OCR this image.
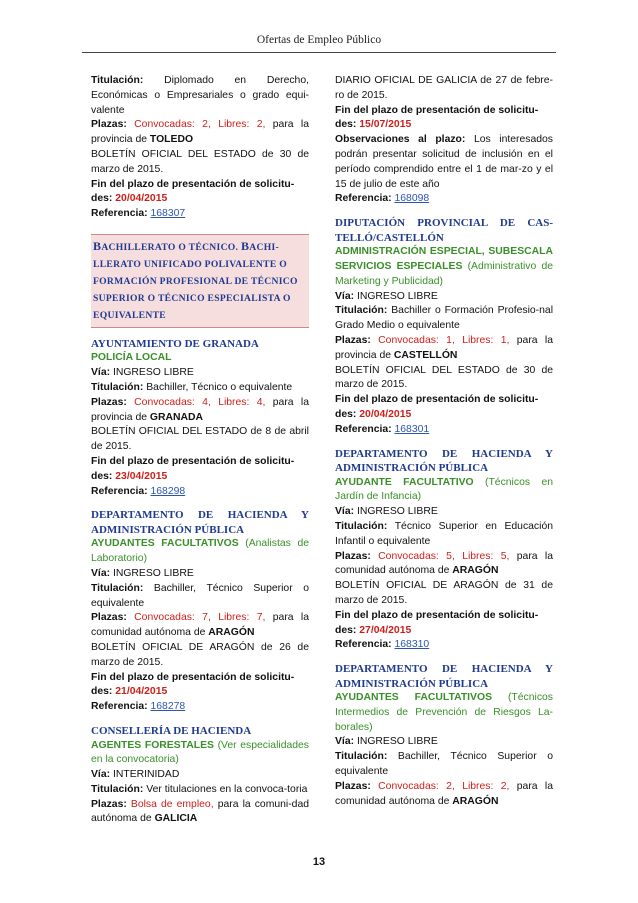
Ofertas de Empleo Público

Titulación: Diplomado en Derecho, Económicas o Empresariales o grado equi-valente

Plazas: Convocadas: 2, Libres: 2, para la provincia de TOLEDO

BOLETÍN OFICIAL DEL ESTADO de 30 de marzo de 2015.

Fin del plazo de presentación de solicitu-
des: 20/04/2015

Referencia: 168307

BACHILLERATO O TÉCNICO. BACHI-
LLERATO UNIFICADO POLIVALENTE O
FORMACIÓN PROFESIONAL DE TÉCNICO
SUPERIOR O TÉCNICO ESPECIALISTA O
EQUIVALENTE
AYUNTAMIENTO DE GRANADA

POLICÍA LOCAL

Vía: INGRESO LIBRE

Titulación: Bachiller, Técnico o equivalente

Plazas: Convocadas: 4, Libres: 4, para la provincia de GRANADA

BOLETÍN OFICIAL DEL ESTADO de 8 de abril de 2015.

Fin del plazo de presentación de solicitu-
des: 23/04/2015

Referencia: 168298

DEPARTAMENTO DE HACIENDA Y ADMINISTRACIÓN PÚBLICA

AYUDANTES FACULTATIVOS (Analistas de Laboratorio)

Vía: INGRESO LIBRE

Titulación: Bachiller, Técnico Superior o equivalente

Plazas: Convocadas: 7, Libres: 7, para la comunidad autónoma de ARAGÓN

BOLETÍN OFICIAL DE ARAGÓN de 26 de marzo de 2015.

Fin del plazo de presentación de solicitu-
des: 21/04/2015

Referencia: 168278

CONSELLERÍA DE HACIENDA

AGENTES FORESTALES (Ver especialidades en la convocatoria)

Vía: INTERINIDAD

Titulación: Ver titulaciones en la convoca-toria

Plazas: Bolsa de empleo, para la comuni-dad autónoma de GALICIA

DIARIO OFICIAL DE GALICIA de 27 de febre-ro de 2015.

Fin del plazo de presentación de solicitu-
des: 15/07/2015

Observaciones al plazo: Los interesados podrán presentar solicitud de inclusión en el período comprendido entre el 1 de mar-zo y el 15 de julio de este año

Referencia: 168098

DIPUTACIÓN PROVINCIAL DE CAS-TELLÓ/CASTELLÓN

ADMINISTRACIÓN ESPECIAL, SUBESCALA SERVICIOS ESPECIALES (Administrativo de Marketing y Publicidad)

Vía: INGRESO LIBRE

Titulación: Bachiller o Formación Profesio-nal Grado Medio o equivalente

Plazas: Convocadas: 1, Libres: 1, para la provincia de CASTELLÓN

BOLETÍN OFICIAL DEL ESTADO de 30 de marzo de 2015.

Fin del plazo de presentación de solicitu-
des: 20/04/2015

Referencia: 168301

DEPARTAMENTO DE HACIENDA Y ADMINISTRACIÓN PÚBLICA

AYUDANTE FACULTATIVO (Técnicos en Jardín de Infancia)

Vía: INGRESO LIBRE

Titulación: Técnico Superior en Educación Infantil o equivalente

Plazas: Convocadas: 5, Libres: 5, para la comunidad autónoma de ARAGÓN

BOLETÍN OFICIAL DE ARAGÓN de 31 de marzo de 2015.

Fin del plazo de presentación de solicitu-
des: 27/04/2015

Referencia: 168310

DEPARTAMENTO DE HACIENDA Y ADMINISTRACIÓN PÚBLICA

AYUDANTES FACULTATIVOS (Técnicos Intermedios de Prevención de Riesgos La-borales)

Vía: INGRESO LIBRE

Titulación: Bachiller, Técnico Superior o equivalente

Plazas: Convocadas: 2, Libres: 2, para la comunidad autónoma de ARAGÓN

13
